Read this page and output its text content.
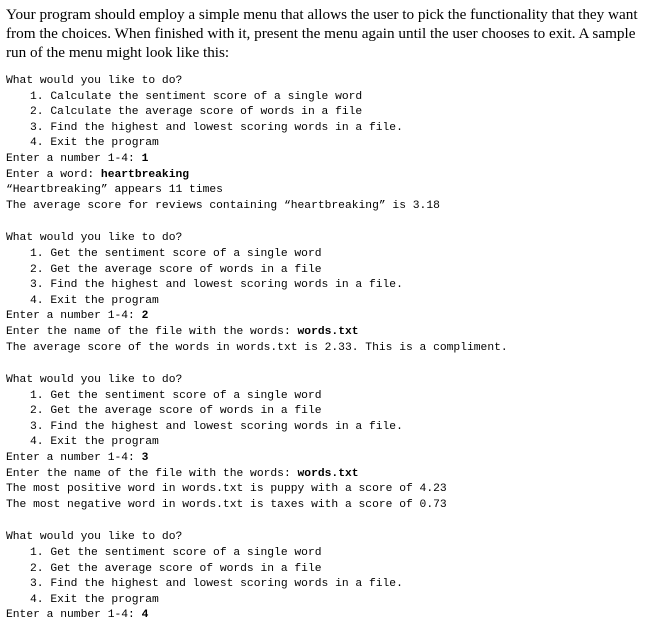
Your program should employ a simple menu that allows the user to pick the functionality that they want from the choices. When finished with it, present the menu again until the user chooses to exit. A sample run of the menu might look like this:

What would you like to do?
1. Calculate the sentiment score of a single word
2. Calculate the average score of words in a file
3. Find the highest and lowest scoring words in a file.
4. Exit the program
Enter a number 1-4: 1
Enter a word: heartbreaking
“Heartbreaking” appears 11 times
The average score for reviews containing “heartbreaking” is 3.18
What would you like to do?
1. Get the sentiment score of a single word
2. Get the average score of words in a file
3. Find the highest and lowest scoring words in a file.
4. Exit the program
Enter a number 1-4: 2
Enter the name of the file with the words: words.txt
The average score of the words in words.txt is 2.33. This is a compliment.
What would you like to do?
1. Get the sentiment score of a single word
2. Get the average score of words in a file
3. Find the highest and lowest scoring words in a file.
4. Exit the program
Enter a number 1-4: 3
Enter the name of the file with the words: words.txt
The most positive word in words.txt is puppy with a score of 4.23
The most negative word in words.txt is taxes with a score of 0.73
What would you like to do?
1. Get the sentiment score of a single word
2. Get the average score of words in a file
3. Find the highest and lowest scoring words in a file.
4. Exit the program
Enter a number 1-4: 4
